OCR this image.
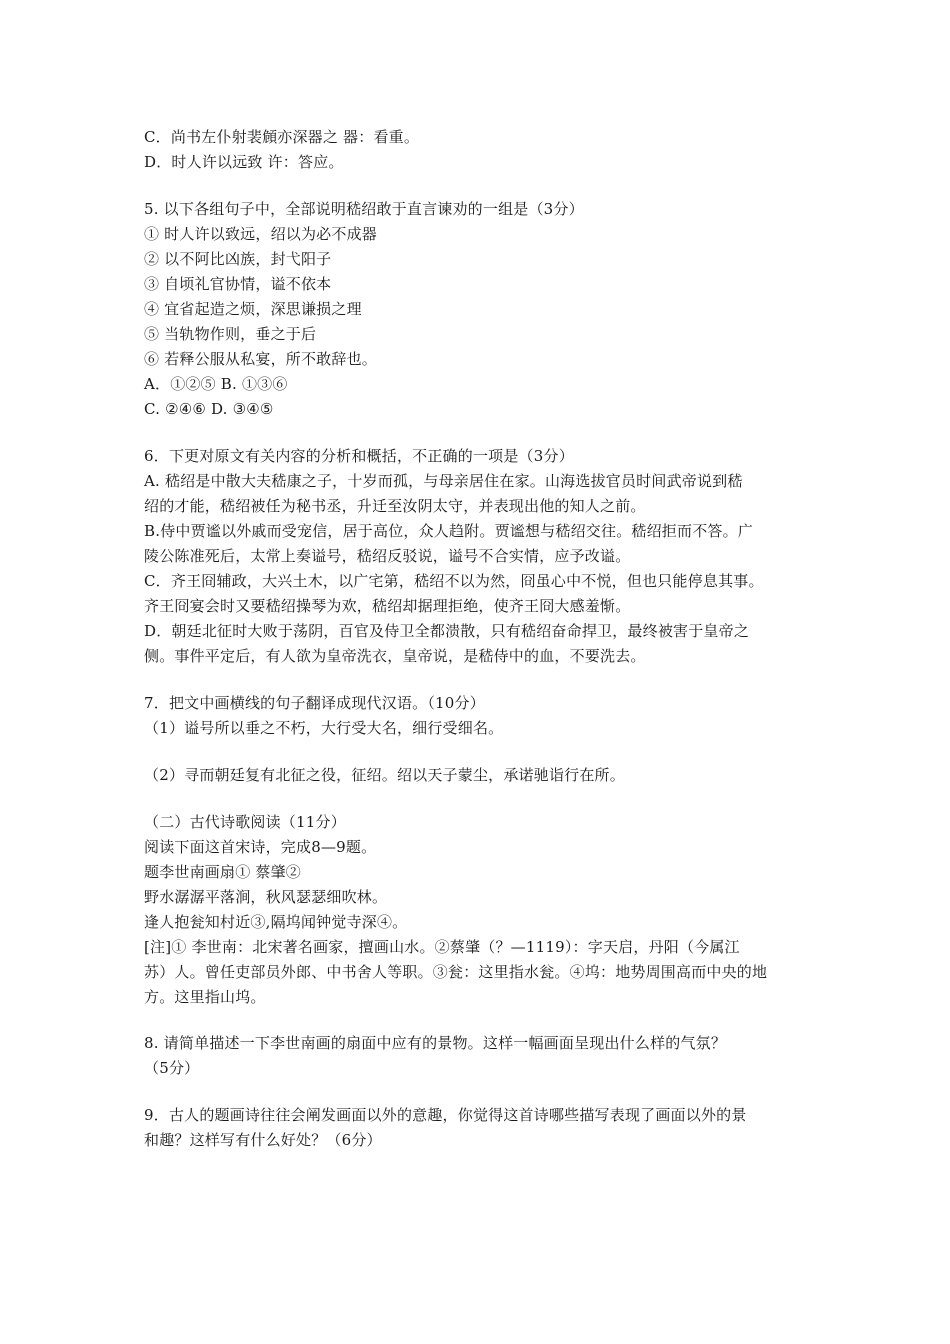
C．尚书左仆射裴頠亦深器之 器：看重。
D．时人许以远致 许：答应。
5. 以下各组句子中，全部说明嵇绍敢于直言谏劝的一组是（3分）
① 时人许以致远，绍以为必不成器
② 以不阿比凶族，封弋阳子
③ 自顷礼官协情，谥不依本
④ 宜省起造之烦，深思谦损之理
⑤ 当轨物作则，垂之于后
⑥ 若释公服从私宴，所不敢辞也。
A．①②⑤ B. ①③⑥
C. ②④⑥ D. ③④⑤
6．下更对原文有关内容的分析和概括，不正确的一项是（3分）
A. 嵇绍是中散大夫嵇康之子，十岁而孤，与母亲居住在家。山海选拔官员时间武帝说到嵇
绍的才能，嵇绍被任为秘书丞，升迁至汝阴太守，并表现出他的知人之前。
B.侍中贾谧以外戚而受宠信，居于高位，众人趋附。贾谧想与嵇绍交往。嵇绍拒而不答。广
陵公陈准死后，太常上奏谥号，嵇绍反驳说，谥号不合实情，应予改谥。
C．齐王冏辅政，大兴土木，以广宅第，嵇绍不以为然，冏虽心中不悦，但也只能停息其事。
齐王冏宴会时又要嵇绍操琴为欢，嵇绍却据理拒绝，使齐王冏大感羞惭。
D．朝廷北征时大败于荡阴，百官及侍卫全都溃散，只有嵇绍奋命捍卫，最终被害于皇帝之
侧。事件平定后，有人欲为皇帝洗衣，皇帝说，是嵇侍中的血，不要洗去。
7．把文中画横线的句子翻译成现代汉语。（10分）
（1）谥号所以垂之不朽，大行受大名，细行受细名。
（2）寻而朝廷复有北征之役，征绍。绍以天子蒙尘，承诺驰诣行在所。
（二）古代诗歌阅读（11分）
阅读下面这首宋诗，完成8—9题。
题李世南画扇① 蔡肇②
野水潺潺平落涧，秋风瑟瑟细吹林。
逢人抱瓮知村近③,隔坞闻钟觉寺深④。
[注]① 李世南：北宋著名画家，擅画山水。②蔡肇（？—1119）：字天启，丹阳（今属江
苏）人。曾任吏部员外郎、中书舍人等职。③瓮：这里指水瓮。④坞：地势周围高而中央的地
方。这里指山坞。
8. 请简单描述一下李世南画的扇面中应有的景物。这样一幅画面呈现出什么样的气氛？
（5分）
9．古人的题画诗往往会阐发画面以外的意趣，你觉得这首诗哪些描写表现了画面以外的景
和趣？这样写有什么好处？（6分）
